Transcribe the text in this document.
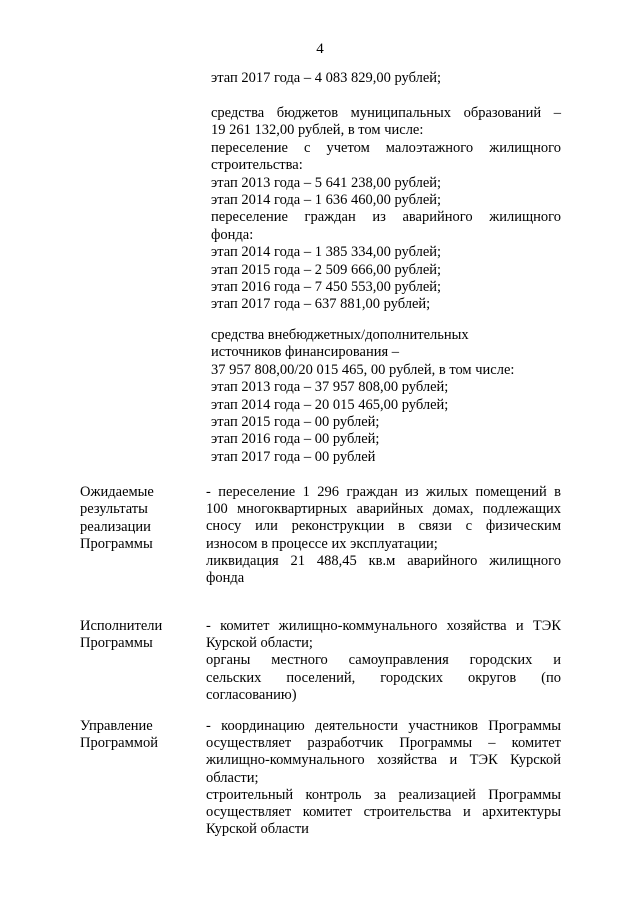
4
этап 2017 года – 4 083 829,00 рублей;
средства бюджетов муниципальных образований –
19 261 132,00 рублей, в том числе:
переселение с учетом малоэтажного жилищного
строительства:
этап 2013 года – 5 641 238,00 рублей;
этап 2014 года – 1 636 460,00 рублей;
переселение граждан из аварийного жилищного
фонда:
этап 2014 года – 1 385 334,00 рублей;
этап 2015 года – 2 509 666,00 рублей;
этап 2016 года – 7 450 553,00 рублей;
этап 2017 года – 637 881,00 рублей;
средства внебюджетных/дополнительных
источников финансирования –
37 957 808,00/20 015 465, 00 рублей, в том числе:
этап 2013 года – 37 957 808,00 рублей;
этап 2014 года – 20 015 465,00 рублей;
этап 2015 года – 00 рублей;
этап 2016 года – 00 рублей;
этап 2017 года – 00 рублей
Ожидаемые
результаты
реализации
Программы
- переселение 1 296 граждан из жилых помещений в
100 многоквартирных аварийных домах, подлежащих
сносу или реконструкции в связи с физическим
износом в процессе их эксплуатации;
ликвидация 21 488,45 кв.м аварийного жилищного
фонда
Исполнители
Программы
- комитет жилищно-коммунального хозяйства и ТЭК
Курской области;
органы местного самоуправления городских и
сельских поселений, городских округов (по
согласованию)
Управление
Программой
- координацию деятельности участников Программы
осуществляет разработчик Программы – комитет
жилищно-коммунального хозяйства и ТЭК Курской
области;
строительный контроль за реализацией Программы
осуществляет комитет строительства и архитектуры
Курской области
